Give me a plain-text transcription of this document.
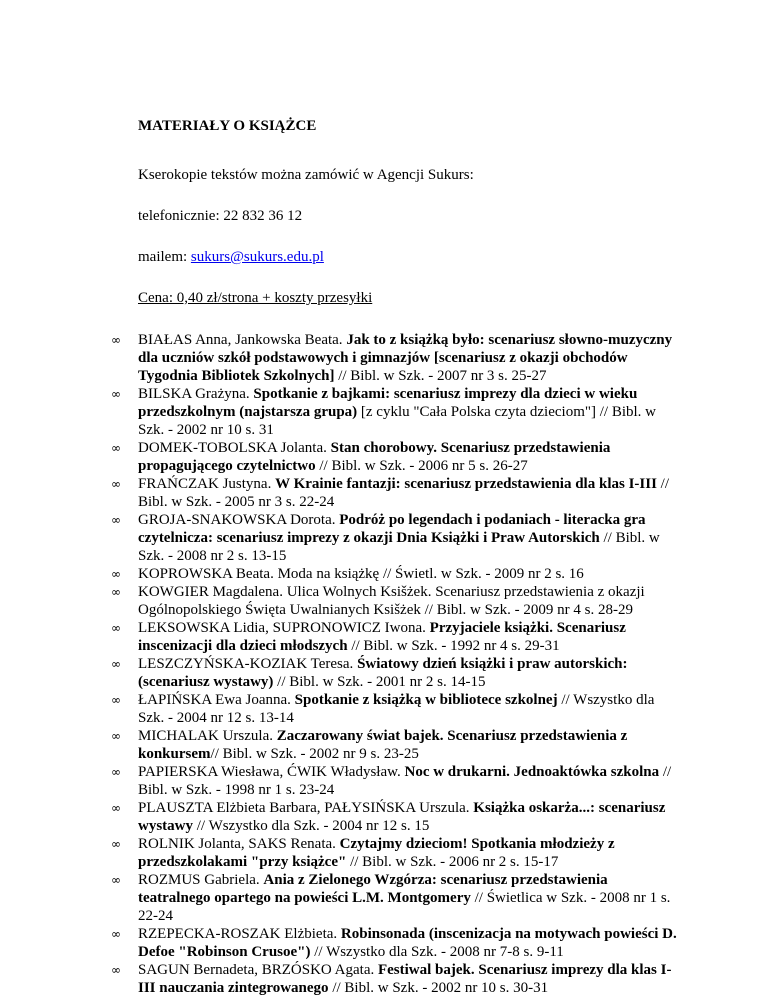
MATERIAŁY O KSIĄŻCE

Kserokopie tekstów można zamówić w Agencji Sukurs:

telefonicznie: 22 832 36 12

mailem: sukurs@sukurs.edu.pl

Cena: 0,40 zł/strona + koszty przesyłki

∞ BIAŁAS Anna, Jankowska Beata. Jak to z książką było: scenariusz słowno-muzyczny dla uczniów szkół podstawowych i gimnazjów [scenariusz z okazji obchodów Tygodnia Bibliotek Szkolnych] // Bibl. w Szk. - 2007 nr 3 s. 25-27
∞ BILSKA Grażyna. Spotkanie z bajkami: scenariusz imprezy dla dzieci w wieku przedszkolnym (najstarsza grupa) [z cyklu "Cała Polska czyta dzieciom"] // Bibl. w Szk. - 2002 nr 10 s. 31
∞ DOMEK-TOBOLSKA Jolanta. Stan chorobowy. Scenariusz przedstawienia propagującego czytelnictwo // Bibl. w Szk. - 2006 nr 5 s. 26-27
∞ FRAŃCZAK Justyna. W Krainie fantazji: scenariusz przedstawienia dla klas I-III // Bibl. w Szk. - 2005 nr 3 s. 22-24
∞ GROJA-SNAKOWSKA Dorota. Podróż po legendach i podaniach - literacka gra czytelnicza: scenariusz imprezy z okazji Dnia Książki i Praw Autorskich // Bibl. w Szk. - 2008 nr 2 s. 13-15
∞ KOPROWSKA Beata. Moda na książkę // Świetl. w Szk. - 2009 nr 2 s. 16
∞ KOWGIER Magdalena. Ulica Wolnych Ksišżek. Scenariusz przedstawienia z okazji Ogólnopolskiego Święta Uwalnianych Ksišżek // Bibl. w Szk. - 2009 nr 4 s. 28-29
∞ LEKSOWSKA Lidia, SUPRONOWICZ Iwona. Przyjaciele książki. Scenariusz inscenizacji dla dzieci młodszych // Bibl. w Szk. - 1992 nr 4 s. 29-31
∞ LESZCZYŃSKA-KOZIAK Teresa. Światowy dzień książki i praw autorskich: (scenariusz wystawy) // Bibl. w Szk. - 2001 nr 2 s. 14-15
∞ ŁAPIŃSKA Ewa Joanna. Spotkanie z książką w bibliotece szkolnej // Wszystko dla Szk. - 2004 nr 12 s. 13-14
∞ MICHALAK Urszula. Zaczarowany świat bajek. Scenariusz przedstawienia z konkursem// Bibl. w Szk. - 2002 nr 9 s. 23-25
∞ PAPIERSKA Wiesława, ĆWIK Władysław. Noc w drukarni. Jednoaktówka szkolna // Bibl. w Szk. - 1998 nr 1 s. 23-24
∞ PLAUSZTA Elżbieta Barbara, PAŁYSIŃSKA Urszula. Książka oskarża...: scenariusz wystawy // Wszystko dla Szk. - 2004 nr 12 s. 15
∞ ROLNIK Jolanta, SAKS Renata. Czytajmy dzieciom! Spotkania młodzieży z przedszkolakami "przy książce" // Bibl. w Szk. - 2006 nr 2 s. 15-17
∞ ROZMUS Gabriela. Ania z Zielonego Wzgórza: scenariusz przedstawienia teatralnego opartego na powieści L.M. Montgomery // Świetlica w Szk. - 2008 nr 1 s. 22-24
∞ RZEPECKA-ROSZAK Elżbieta. Robinsonada (inscenizacja na motywach powieści D. Defoe "Robinson Crusoe") // Wszystko dla Szk. - 2008 nr 7-8 s. 9-11
∞ SAGUN Bernadeta, BRZÓSKO Agata. Festiwal bajek. Scenariusz imprezy dla klas I-III nauczania zintegrowanego // Bibl. w Szk. - 2002 nr 10 s. 30-31
